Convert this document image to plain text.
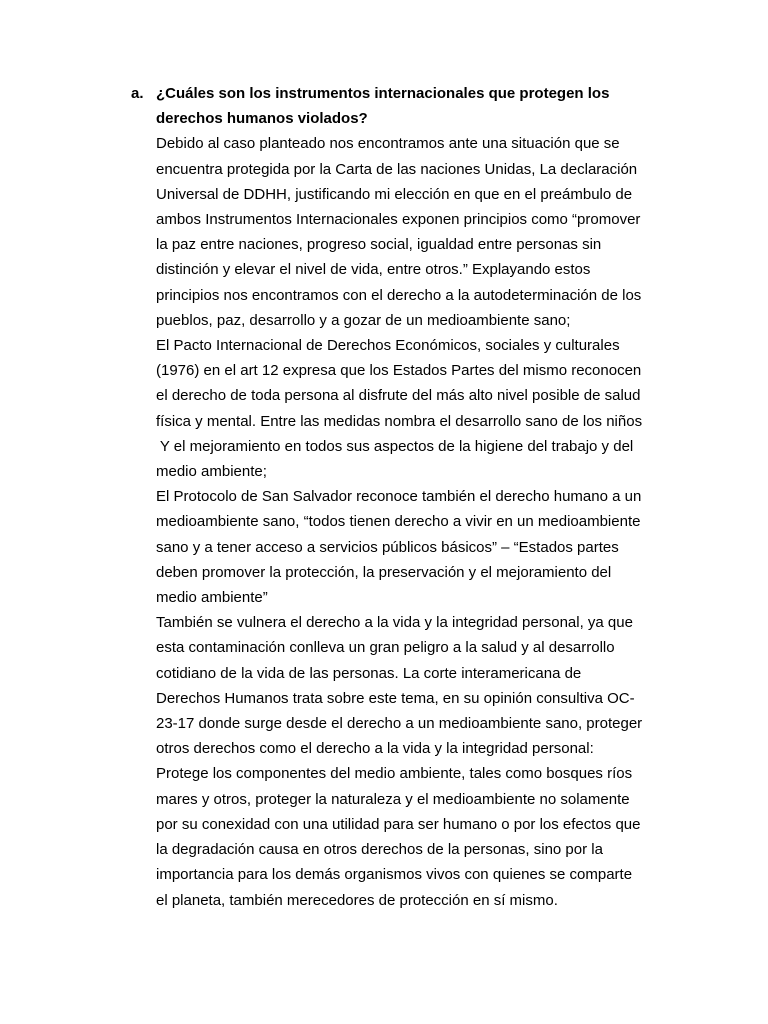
a. ¿Cuáles son los instrumentos internacionales que protegen los
derechos humanos violados?
Debido al caso planteado nos encontramos ante una situación que se
encuentra protegida por la Carta de las naciones Unidas, La declaración
Universal de DDHH, justificando mi elección en que en el preámbulo de
ambos Instrumentos Internacionales exponen principios como “promover
la paz entre naciones, progreso social, igualdad entre personas sin
distinción y elevar el nivel de vida, entre otros.” Explayando estos
principios nos encontramos con el derecho a la autodeterminación de los
pueblos, paz, desarrollo y a gozar de un medioambiente sano;
El Pacto Internacional de Derechos Económicos, sociales y culturales
(1976) en el art 12 expresa que los Estados Partes del mismo reconocen
el derecho de toda persona al disfrute del más alto nivel posible de salud
física y mental. Entre las medidas nombra el desarrollo sano de los niños
Y el mejoramiento en todos sus aspectos de la higiene del trabajo y del
medio ambiente;
El Protocolo de San Salvador reconoce también el derecho humano a un
medioambiente sano, “todos tienen derecho a vivir en un medioambiente
sano y a tener acceso a servicios públicos básicos” – “Estados partes
deben promover la protección, la preservación y el mejoramiento del
medio ambiente”
También se vulnera el derecho a la vida y la integridad personal, ya que
esta contaminación conlleva un gran peligro a la salud y al desarrollo
cotidiano de la vida de las personas. La corte interamericana de
Derechos Humanos trata sobre este tema, en su opinión consultiva OC-
23-17 donde surge desde el derecho a un medioambiente sano, proteger
otros derechos como el derecho a la vida y la integridad personal:
Protege los componentes del medio ambiente, tales como bosques ríos
mares y otros, proteger la naturaleza y el medioambiente no solamente
por su conexidad con una utilidad para ser humano o por los efectos que
la degradación causa en otros derechos de la personas, sino por la
importancia para los demás organismos vivos con quienes se comparte
el planeta, también merecedores de protección en sí mismo.
